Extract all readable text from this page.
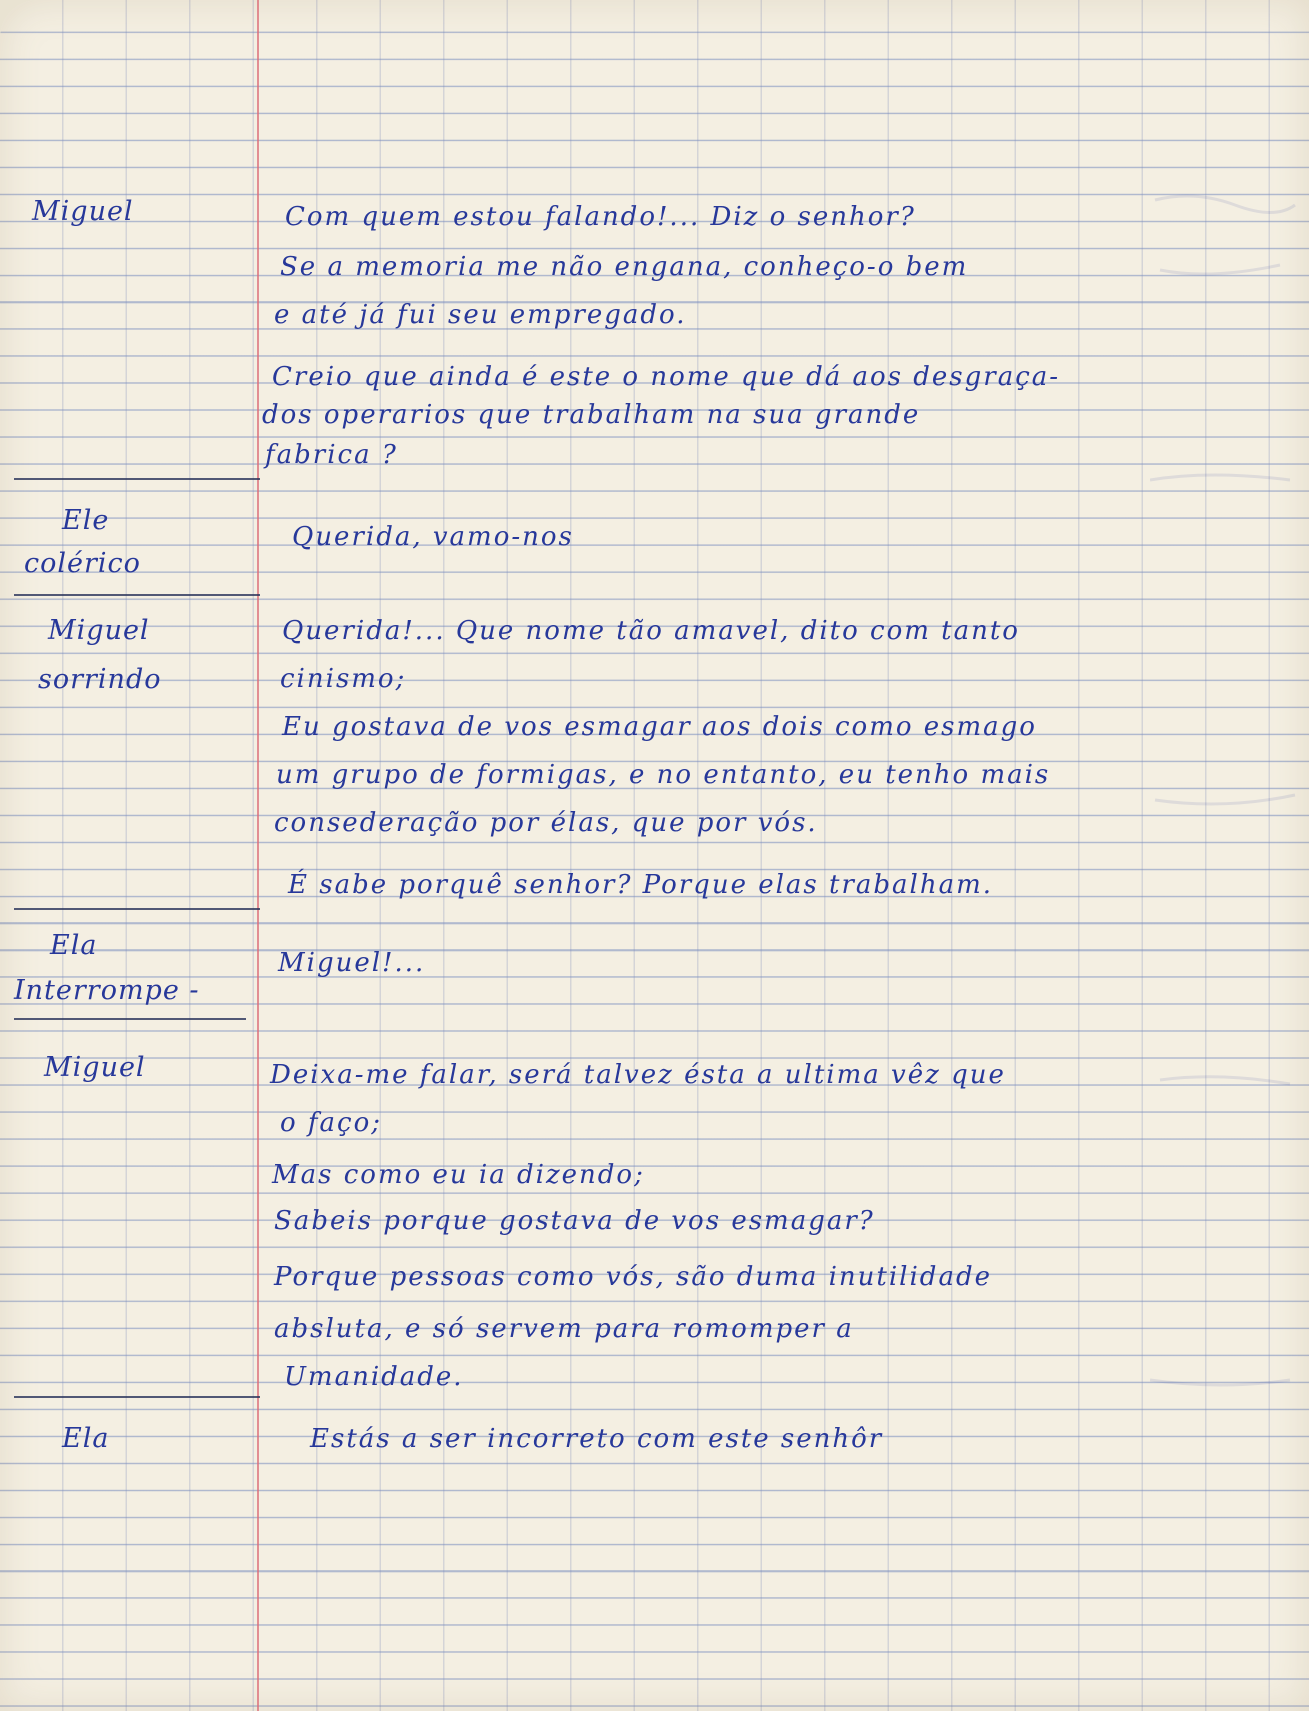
Miguel
Ele
colérico
Miguel
sorrindo
Ela
Interrompe -
Miguel
Ela
Com quem estou falando!... Diz o senhor?
Se a memoria me não engana, conheço-o bem
e até já fui seu empregado.
Creio que ainda é este o nome que dá aos desgraça-
dos operarios que trabalham na sua grande
fabrica ?
Querida, vamo-nos
Querida!... Que nome tão amavel, dito com tanto
cinismo;
Eu gostava de vos esmagar aos dois como esmago
um grupo de formigas, e no entanto, eu tenho mais
consederação por élas, que por vós.
É sabe porquê senhor? Porque elas trabalham.
Miguel!...
Deixa-me falar, será talvez ésta a ultima vêz que
o faço;
Mas como eu ia dizendo;
Sabeis porque gostava de vos esmagar?
Porque pessoas como vós, são duma inutilidade
absluta, e só servem para romomper a
Umanidade.
Estás a ser incorreto com este senhôr
